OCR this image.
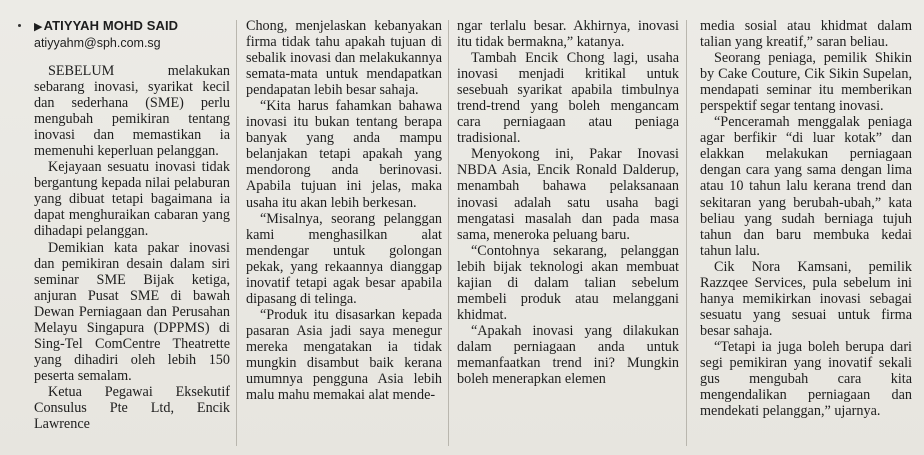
▶ATIYYAH MOHD SAID
atiyyahm@sph.com.sg

SEBELUM melakukan sebarang inovasi, syarikat kecil dan sederhana (SME) perlu mengubah pemikiran tentang inovasi dan memastikan ia memenuhi keperluan pelanggan.

Kejayaan sesuatu inovasi tidak bergantung kepada nilai pelaburan yang dibuat tetapi bagaimana ia dapat menghuraikan cabaran yang dihadapi pelanggan.

Demikian kata pakar inovasi dan pemikiran desain dalam siri seminar SME Bijak ketiga, anjuran Pusat SME di bawah Dewan Perniagaan dan Perusahan Melayu Singapura (DPPMS) di Sing-Tel ComCentre Theatrette yang dihadiri oleh lebih 150 peserta semalam.

Ketua Pegawai Eksekutif Consulus Pte Ltd, Encik Lawrence

Chong, menjelaskan kebanyakan firma tidak tahu apakah tujuan di sebalik inovasi dan melakukannya semata-mata untuk mendapatkan pendapatan lebih besar sahaja.

“Kita harus fahamkan bahawa inovasi itu bukan tentang berapa banyak yang anda mampu belanjakan tetapi apakah yang mendorong anda berinovasi. Apabila tujuan ini jelas, maka usaha itu akan lebih berkesan.

“Misalnya, seorang pelanggan kami menghasilkan alat mendengar untuk golongan pekak, yang rekaannya dianggap inovatif tetapi agak besar apabila dipasang di telinga.

“Produk itu disasarkan kepada pasaran Asia jadi saya menegur mereka mengatakan ia tidak mungkin disambut baik kerana umumnya pengguna Asia lebih malu mahu memakai alat mende-

ngar terlalu besar. Akhirnya, inovasi itu tidak bermakna,” katanya.

Tambah Encik Chong lagi, usaha inovasi menjadi kritikal untuk sesebuah syarikat apabila timbulnya trend-trend yang boleh mengancam cara perniagaan atau peniaga tradisional.

Menyokong ini, Pakar Inovasi NBDA Asia, Encik Ronald Dalderup, menambah bahawa pelaksanaan inovasi adalah satu usaha bagi mengatasi masalah dan pada masa sama, meneroka peluang baru.

“Contohnya sekarang, pelanggan lebih bijak teknologi akan membuat kajian di dalam talian sebelum membeli produk atau melanggani khidmat.

“Apakah inovasi yang dilakukan dalam perniagaan anda untuk memanfaatkan trend ini? Mungkin boleh menerapkan elemen

media sosial atau khidmat dalam talian yang kreatif,” saran beliau.

Seorang peniaga, pemilik Shikin by Cake Couture, Cik Sikin Supelan, mendapati seminar itu memberikan perspektif segar tentang inovasi.

“Penceramah menggalak peniaga agar berfikir “di luar kotak” dan elakkan melakukan perniagaan dengan cara yang sama dengan lima atau 10 tahun lalu kerana trend dan sekitaran yang berubah-ubah,” kata beliau yang sudah berniaga tujuh tahun dan baru membuka kedai tahun lalu.

Cik Nora Kamsani, pemilik Razzqee Services, pula sebelum ini hanya memikirkan inovasi sebagai sesuatu yang sesuai untuk firma besar sahaja.

“Tetapi ia juga boleh berupa dari segi pemikiran yang inovatif sekali gus mengubah cara kita mengendalikan perniagaan dan mendekati pelanggan,” ujarnya.
